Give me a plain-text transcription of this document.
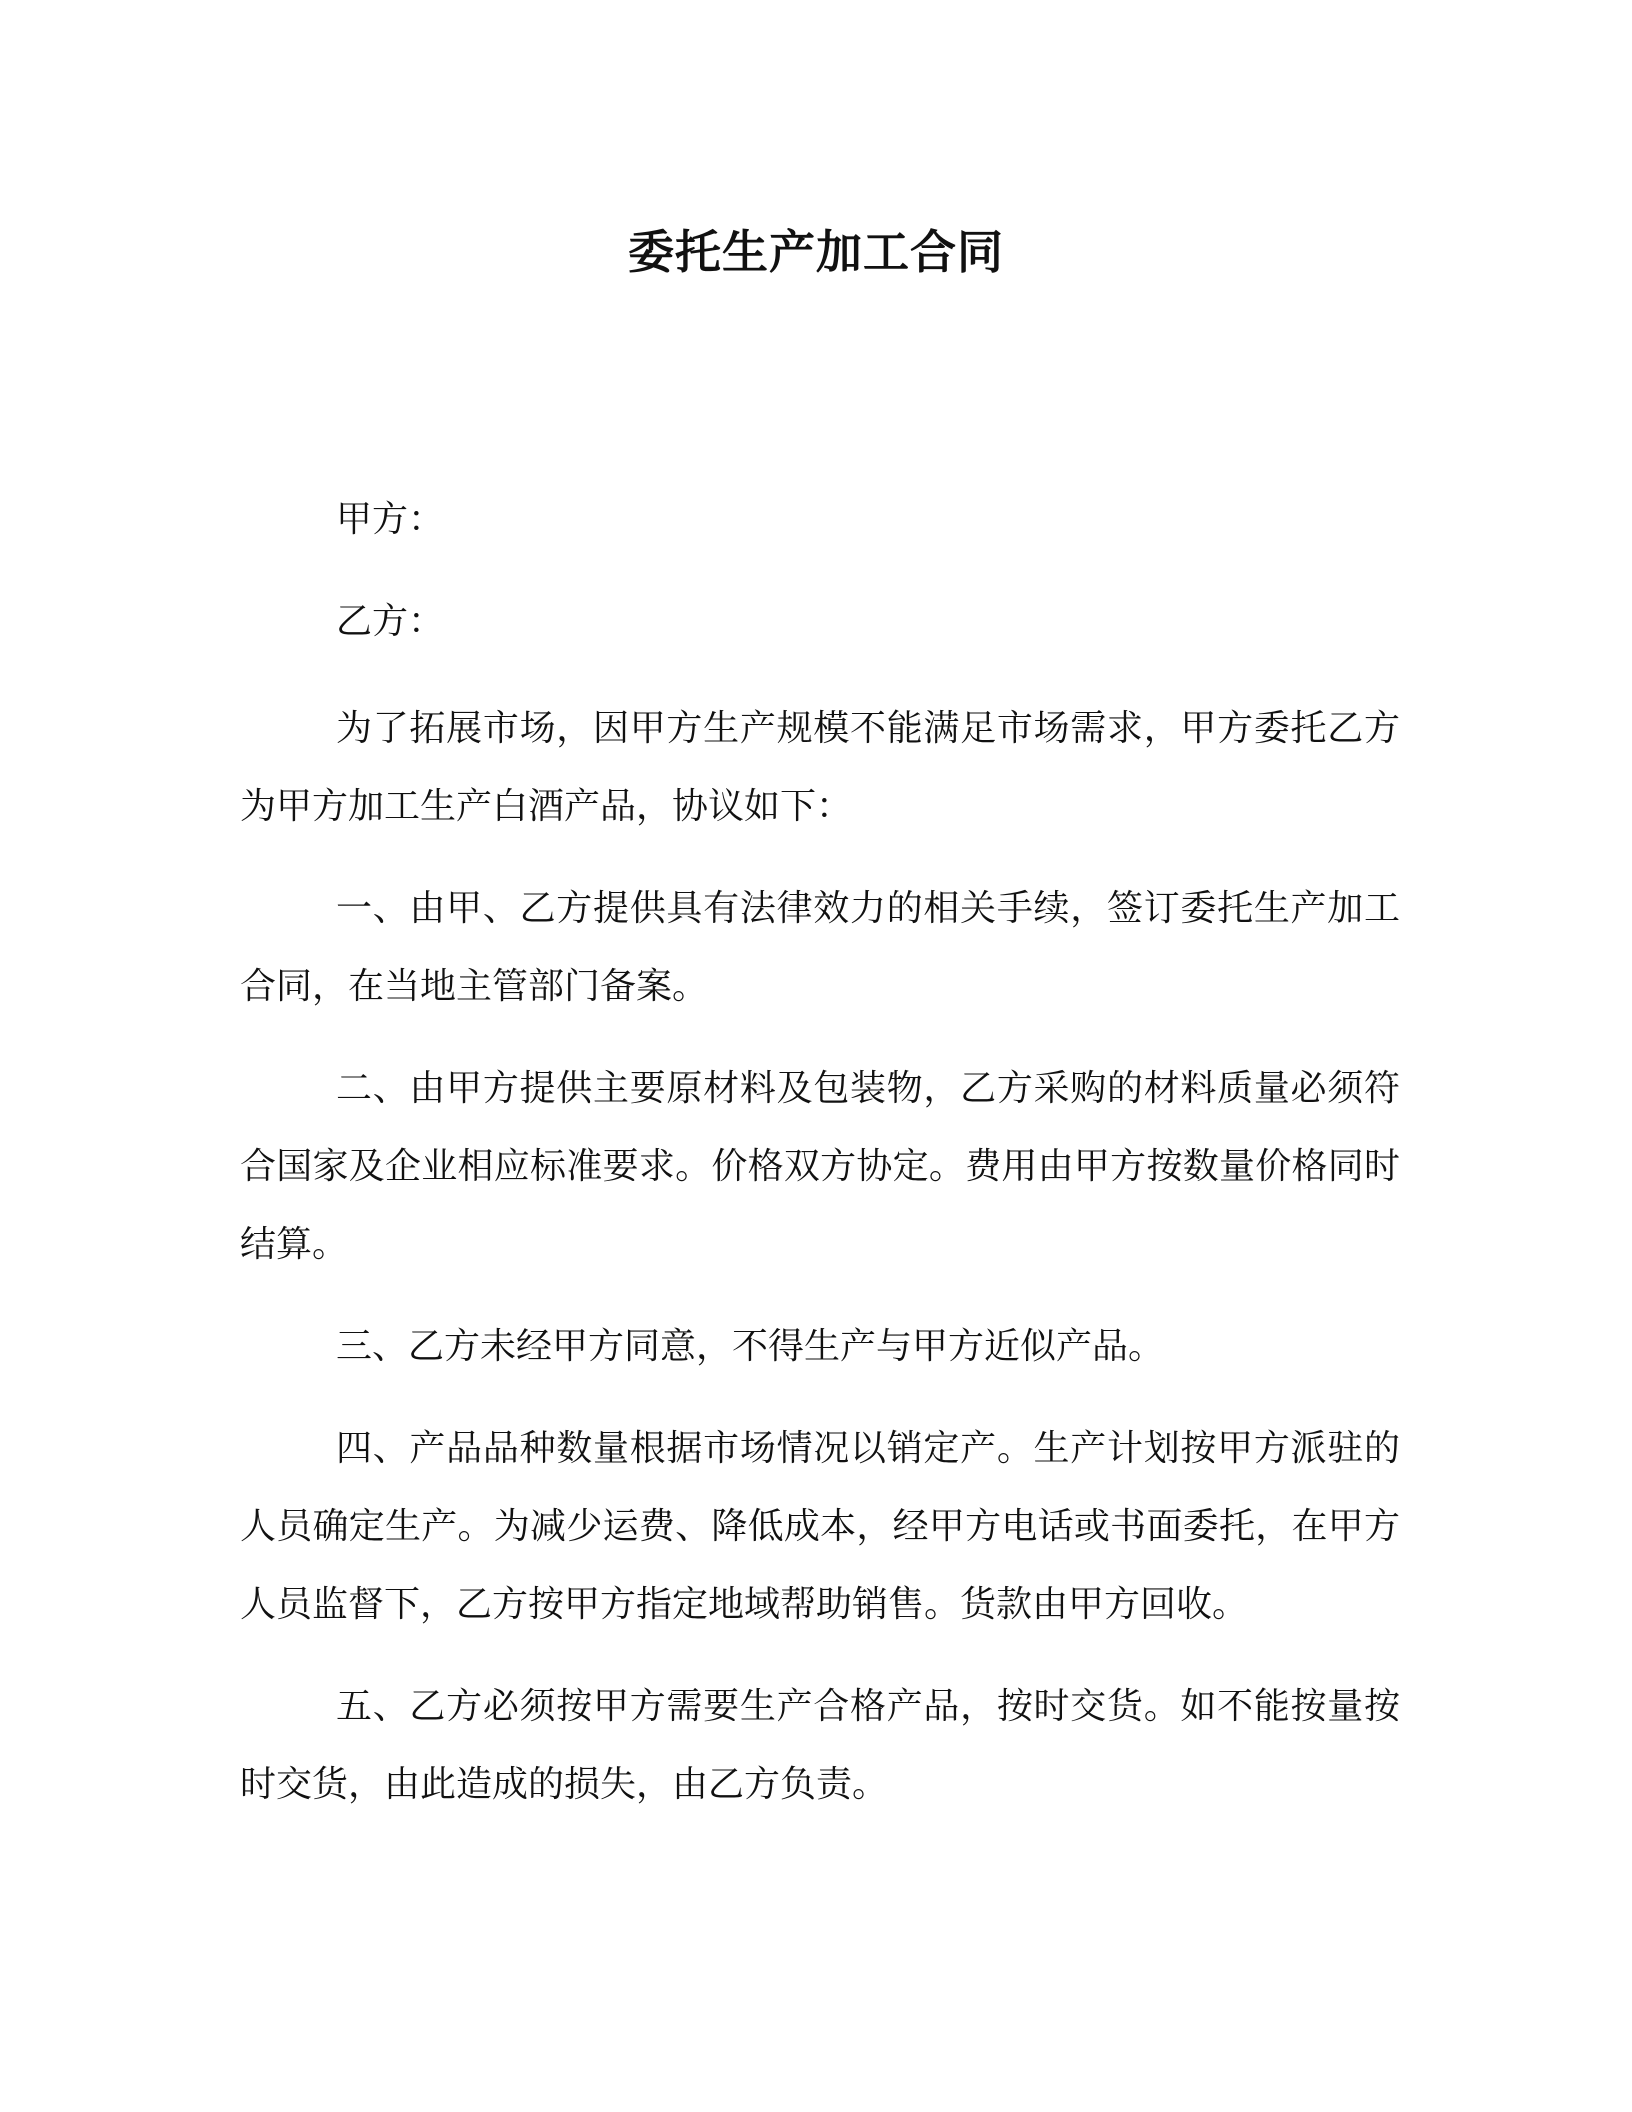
委托生产加工合同
甲方：
乙方：

为了拓展市场，因甲方生产规模不能满足市场需求，甲方委托乙方为甲方加工生产白酒产品，协议如下：

一、由甲、乙方提供具有法律效力的相关手续，签订委托生产加工合同，在当地主管部门备案。

二、由甲方提供主要原材料及包装物，乙方采购的材料质量必须符合国家及企业相应标准要求。价格双方协定。费用由甲方按数量价格同时结算。

三、乙方未经甲方同意，不得生产与甲方近似产品。

四、产品品种数量根据市场情况以销定产。生产计划按甲方派驻的人员确定生产。为减少运费、降低成本，经甲方电话或书面委托，在甲方人员监督下，乙方按甲方指定地域帮助销售。货款由甲方回收。

五、乙方必须按甲方需要生产合格产品，按时交货。如不能按量按时交货，由此造成的损失，由乙方负责。
